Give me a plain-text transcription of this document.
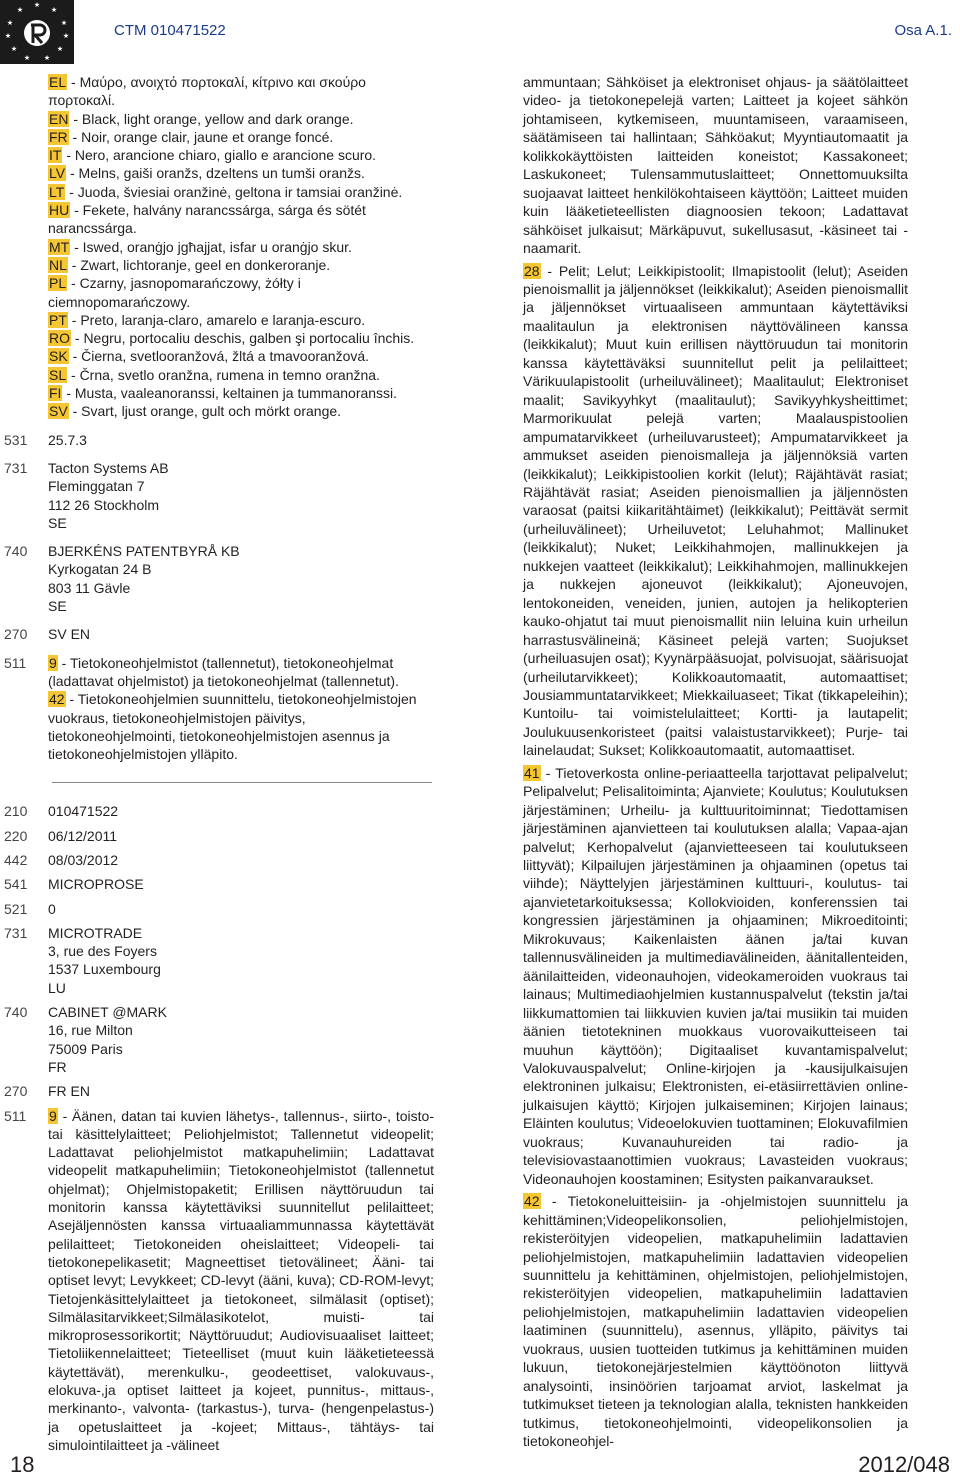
★
★
★
★
★
★
★
★
★
★
★
CTM 010471522	Osa A.1.

EL - Μαύρο, ανοιχτό πορτοκαλί, κίτρινο και σκούρο πορτοκαλί.

EN - Black, light orange, yellow and dark orange.

FR - Noir, orange clair, jaune et orange foncé.

IT - Nero, arancione chiaro, giallo e arancione scuro.

LV - Melns, gaiši oranžs, dzeltens un tumši oranžs.

LT - Juoda, šviesiai oranžinė, geltona ir tamsiai oranžinė.

HU - Fekete, halvány narancssárga, sárga és sötét narancssárga.

MT - Iswed, oranġjo jgħajjat, isfar u oranġjo skur.

NL - Zwart, lichtoranje, geel en donkeroranje.

PL - Czarny, jasnopomarańczowy, żółty i ciemnopomarańczowy.

PT - Preto, laranja-claro, amarelo e laranja-escuro.

RO - Negru, portocaliu deschis, galben şi portocaliu închis.

SK - Čierna, svetlooranžová, žltá a tmavooranžová.

SL - Črna, svetlo oranžna, rumena in temno oranžna.

FI - Musta, vaaleanoranssi, keltainen ja tummanoranssi.

SV - Svart, ljust orange, gult och mörkt orange.

531	25.7.3
731	Tacton Systems AB

Fleminggatan 7

112 26 Stockholm

SE

740	BJERKÉNS PATENTBYRÅ KB

Kyrkogatan 24 B

803 11 Gävle

SE

270	SV EN
511	9 - Tietokoneohjelmistot (tallennetut), tietokoneohjelmat (ladattavat ohjelmistot) ja tietokoneohjelmat (tallennetut).

42 - Tietokoneohjelmien suunnittelu, tietokoneohjelmistojen vuokraus, tietokoneohjelmistojen päivitys, tietokoneohjelmointi, tietokoneohjelmistojen asennus ja tietokoneohjelmistojen ylläpito.

210	010471522
220	06/12/2011
442	08/03/2012
541	MICROPROSE
521	0
731	MICROTRADE

3, rue des Foyers

1537 Luxembourg

LU

740	CABINET @MARK

16, rue Milton

75009 Paris

FR

270	FR EN
511	9 - Äänen, datan tai kuvien lähetys-, tallennus-, siirto-, toisto- tai käsittelylaitteet; Peliohjelmistot; Tallennetut videopelit; Ladattavat peliohjelmistot matkapuhelimiin; Ladattavat videopelit matkapuhelimiin; Tietokoneohjelmistot (tallennetut ohjelmat); Ohjelmistopaketit; Erillisen näyttöruudun tai monitorin kanssa käytettäviksi suunnitellut pelilaitteet; Asejäljennösten kanssa virtuaaliammunnassa käytettävät pelilaitteet; Tietokoneiden oheislaitteet; Videopeli- tai tietokonepelikasetit; Magneettiset tietovälineet; Ääni- tai optiset levyt; Levykkeet; CD-levyt (ääni, kuva); CD-ROM-levyt; Tietojenkäsittelylaitteet ja tietokoneet, silmälasit (optiset); Silmälasitarvikkeet;Silmälasikotelot, muisti- tai mikroprosessorikortit; Näyttöruudut; Audiovisuaaliset laitteet; Tietoliikennelaitteet; Tieteelliset (muut kuin lääketieteessä käytettävät), merenkulku-, geodeettiset, valokuvaus-, elokuva-,ja optiset laitteet ja kojeet, punnitus-, mittaus-, merkinanto-, valvonta- (tarkastus-), turva- (hengenpelastus-) ja opetuslaitteet ja -kojeet; Mittaus-, tähtäys- tai simulointilaitteet ja -välineet

ammuntaan; Sähköiset ja elektroniset ohjaus- ja säätölaitteet video- ja tietokonepelejä varten; Laitteet ja kojeet sähkön johtamiseen, kytkemiseen, muuntamiseen, varaamiseen, säätämiseen tai hallintaan; Sähköakut; Myyntiautomaatit ja kolikkokäyttöisten laitteiden koneistot; Kassakoneet; Laskukoneet; Tulensammutuslaitteet; Onnettomuuksilta suojaavat laitteet henkilökohtaiseen käyttöön; Laitteet muiden kuin lääketieteellisten diagnoosien tekoon; Ladattavat sähköiset julkaisut; Märkäpuvut, sukellusasut, -käsineet tai -naamarit.

28 - Pelit; Lelut; Leikkipistoolit; Ilmapistoolit (lelut); Aseiden pienoismallit ja jäljennökset (leikkikalut); Aseiden pienoismallit ja jäljennökset virtuaaliseen ammuntaan käytettäviksi maalitaulun ja elektronisen näyttövälineen kanssa (leikkikalut); Muut kuin erillisen näyttöruudun tai monitorin kanssa käytettäväksi suunnitellut pelit ja pelilaitteet; Värikuulapistoolit (urheiluvälineet); Maalitaulut; Elektroniset maalit; Savikyyhkyt (maalitaulut); Savikyyhkysheittimet; Marmorikuulat pelejä varten; Maalauspistoolien ampumatarvikkeet (urheiluvarusteet); Ampumatarvikkeet ja ammukset aseiden pienoismalleja ja jäljennöksiä varten (leikkikalut); Leikkipistoolien korkit (lelut); Räjähtävät rasiat; Räjähtävät rasiat; Aseiden pienoismallien ja jäljennösten varaosat (paitsi kiikaritähtäimet) (leikkikalut); Peittävät sermit (urheiluvälineet); Urheiluvetot; Leluhahmot; Mallinuket (leikkikalut); Nuket; Leikkihahmojen, mallinukkejen ja nukkejen vaatteet (leikkikalut); Leikkihahmojen, mallinukkejen ja nukkejen ajoneuvot (leikkikalut); Ajoneuvojen, lentokoneiden, veneiden, junien, autojen ja helikopterien kauko-ohjatut tai muut pienoismallit niin leluina kuin urheilun harrastusvälineinä; Käsineet pelejä varten; Suojukset (urheiluasujen osat); Kyynärpääsuojat, polvisuojat, säärisuojat (urheilutarvikkeet); Kolikkoautomaatit, automaattiset; Jousiammuntatarvikkeet; Miekkailuaseet; Tikat (tikkapeleihin); Kuntoilu- tai voimistelulaitteet; Kortti- ja lautapelit; Joulukuusenkoristeet (paitsi valaistustarvikkeet); Purje- tai lainelaudat; Sukset; Kolikkoautomaatit, automaattiset.

41 - Tietoverkosta online-periaatteella tarjottavat pelipalvelut; Pelipalvelut; Pelisalitoiminta; Ajanviete; Koulutus; Koulutuksen järjestäminen; Urheilu- ja kulttuuritoiminnat; Tiedottamisen järjestäminen ajanvietteen tai koulutuksen alalla; Vapaa-ajan palvelut; Kerhopalvelut (ajanvietteeseen tai koulutukseen liittyvät); Kilpailujen järjestäminen ja ohjaaminen (opetus tai viihde); Näyttelyjen järjestäminen kulttuuri-, koulutus- tai ajanvietetarkoituksessa; Kollokvioiden, konferenssien tai kongressien järjestäminen ja ohjaaminen; Mikroeditointi; Mikrokuvaus; Kaikenlaisten äänen ja/tai kuvan tallennusvälineiden ja multimediavälineiden, äänitallenteiden, äänilaitteiden, videonauhojen, videokameroiden vuokraus tai lainaus; Multimediaohjelmien kustannuspalvelut (tekstin ja/tai liikkumattomien tai liikkuvien kuvien ja/tai musiikin tai muiden äänien tietotekninen muokkaus vuorovaikutteiseen tai muuhun käyttöön); Digitaaliset kuvantamispalvelut; Valokuvauspalvelut; Online-kirjojen ja -kausijulkaisujen elektroninen julkaisu; Elektronisten, ei-etäsiirrettävien online-julkaisujen käyttö; Kirjojen julkaiseminen; Kirjojen lainaus; Eläinten koulutus; Videoelokuvien tuottaminen; Elokuvafilmien vuokraus; Kuvanauhureiden tai radio- ja televisiovastaanottimien vuokraus; Lavasteiden vuokraus; Videonauhojen koostaminen; Esitysten paikanvaraukset.

42 - Tietokoneluitteisiin- ja -ohjelmistojen suunnittelu ja kehittäminen;Videopelikonsolien, peliohjelmistojen, rekisteröityjen videopelien, matkapuhelimiin ladattavien peliohjelmistojen, matkapuhelimiin ladattavien videopelien suunnittelu ja kehittäminen, ohjelmistojen, peliohjelmistojen, rekisteröityjen videopelien, matkapuhelimiin ladattavien peliohjelmistojen, matkapuhelimiin ladattavien videopelien laatiminen (suunnittelu), asennus, ylläpito, päivitys tai vuokraus, uusien tuotteiden tutkimus ja kehittäminen muiden lukuun, tietokonejärjestelmien käyttöönoton liittyvä analysointi, insinöörien tarjoamat arviot, laskelmat ja tutkimukset tieteen ja teknologian alalla, teknisten hankkeiden tutkimus, tietokoneohjelmointi, videopelikonsolien ja tietokoneohjel-

18	2012/048
